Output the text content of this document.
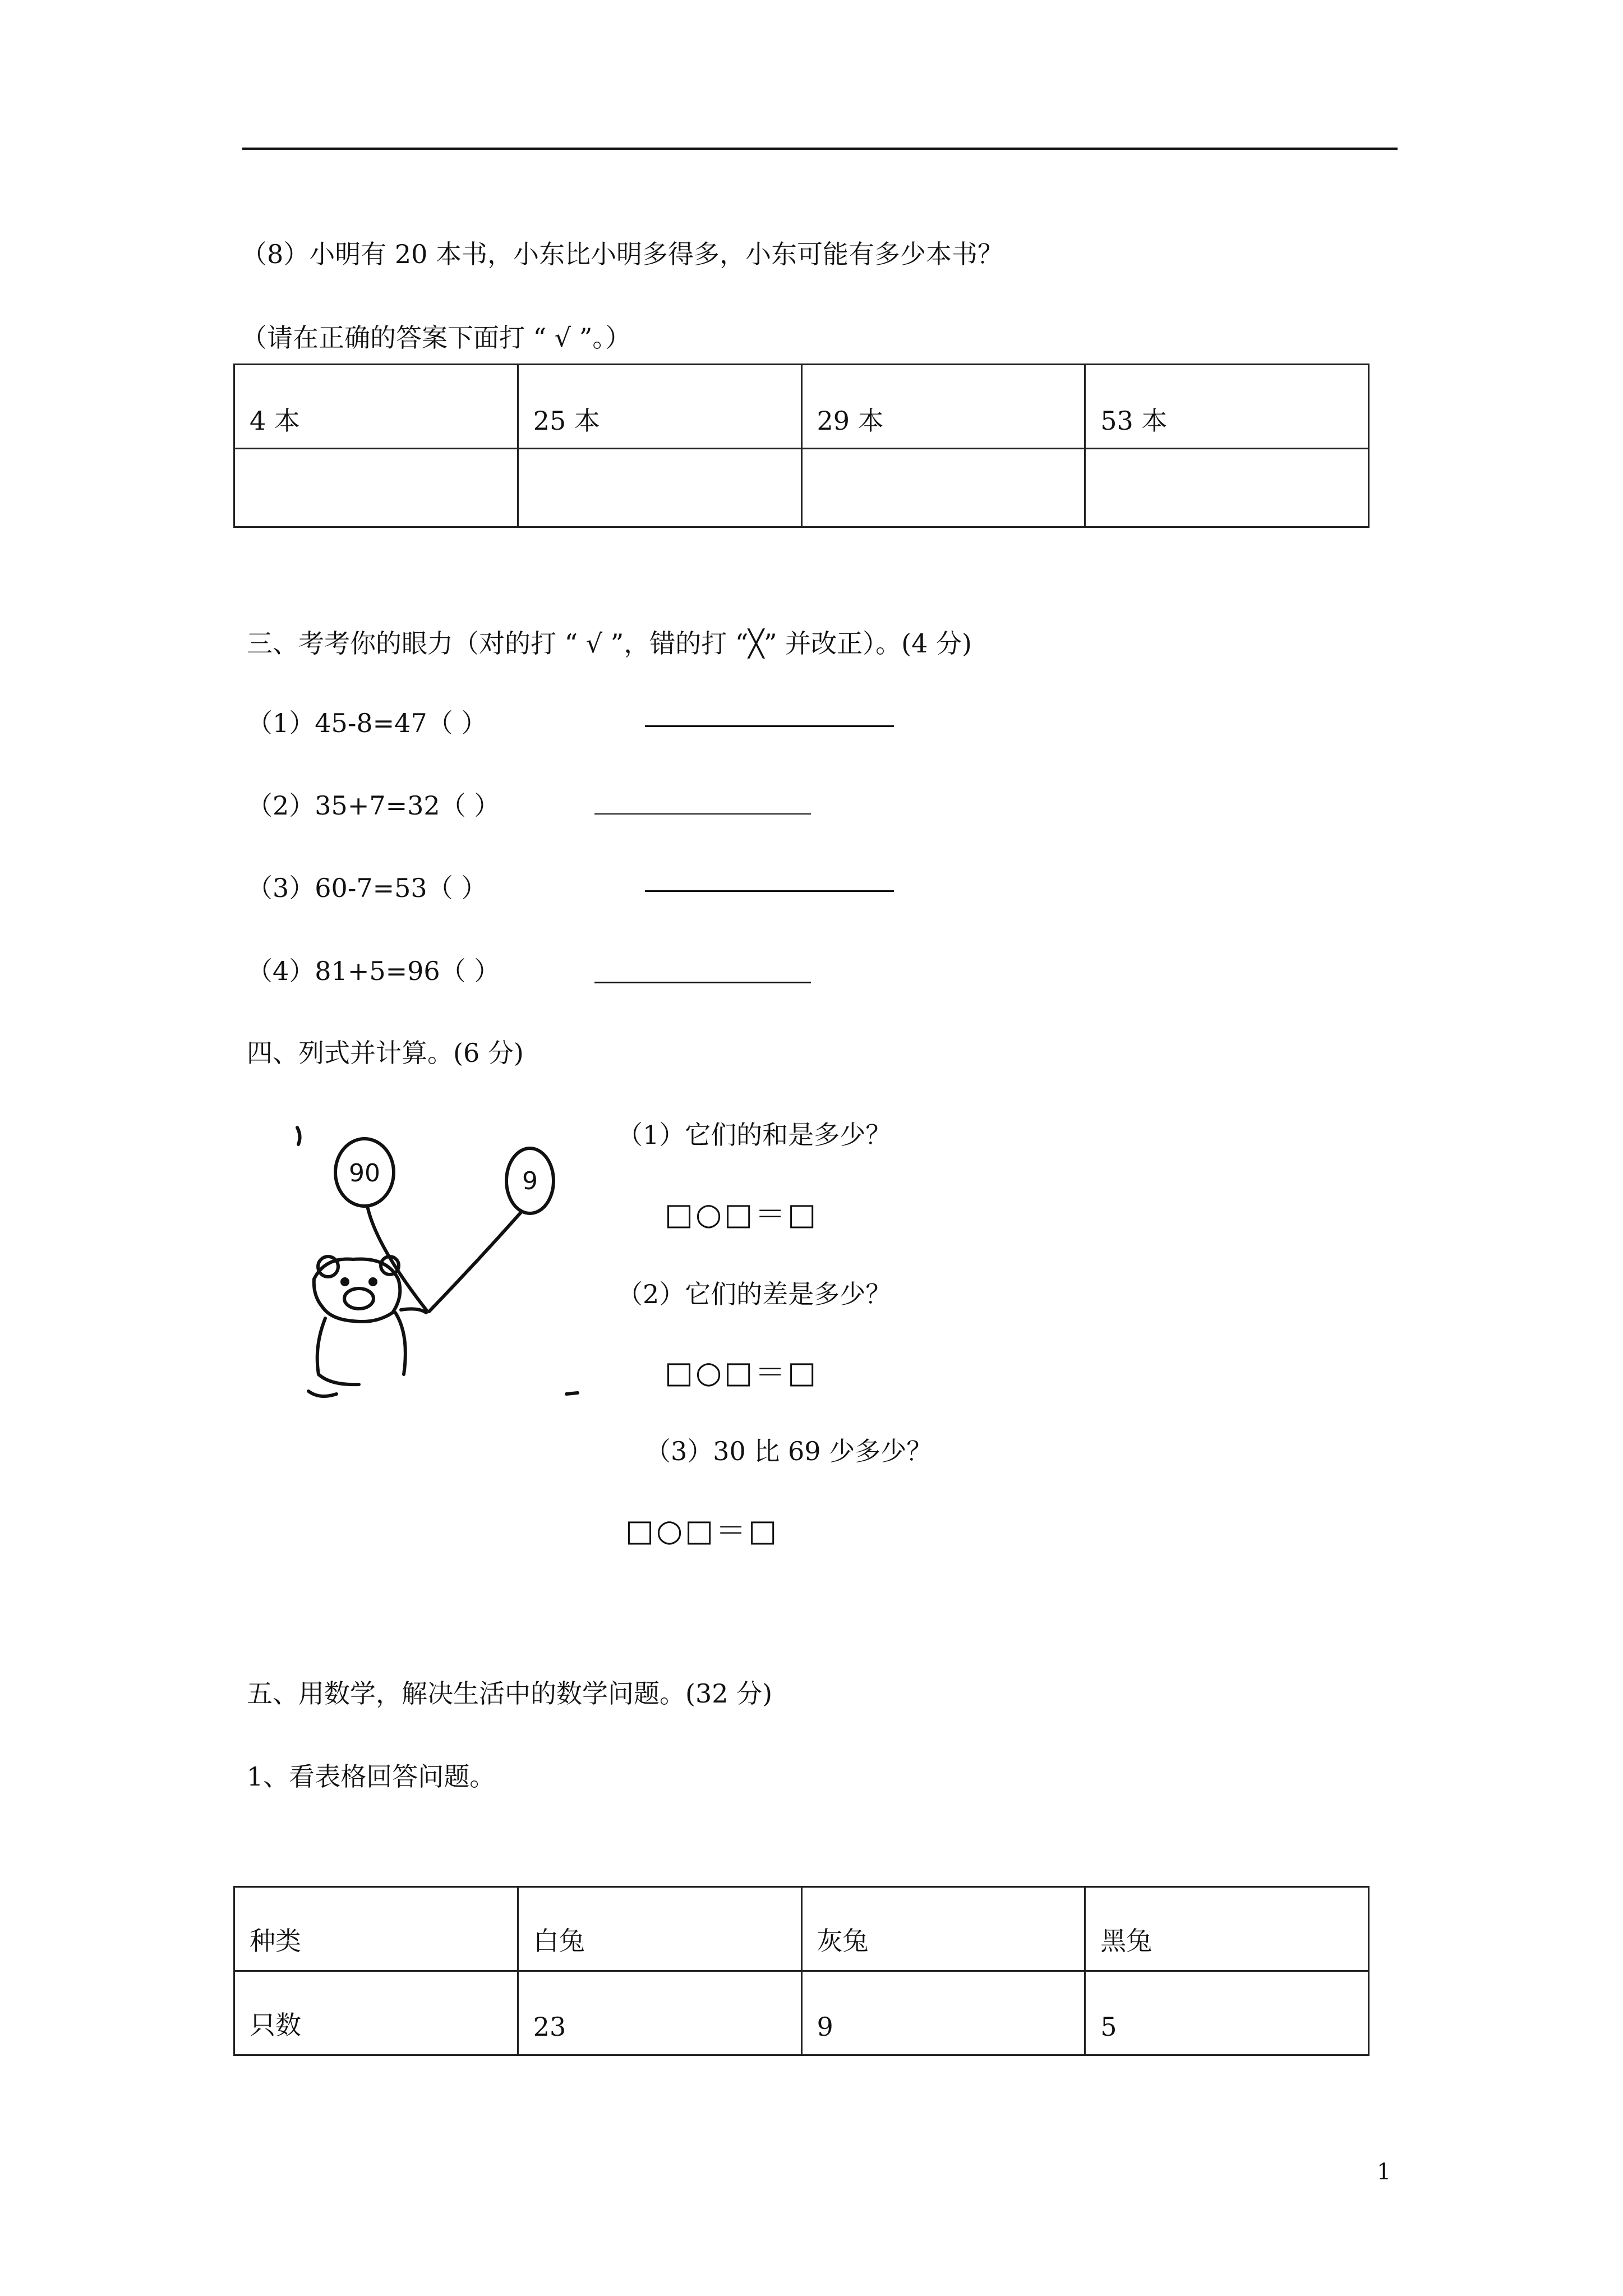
（8）小明有 20 本书，小东比小明多得多，小东可能有多少本书？
（请在正确的答案下面打 “ √ ”。）
4 本	25 本	29 本	53 本

三、考考你的眼力（对的打 “ √ ”，错的打 “╳” 并改正）。(4 分)
（1）45-8=47（ ）
（2）35+7=32（ ）
（3）60-7=53（ ）
（4）81+5=96（ ）
四、列式并计算。(6 分)
90	9
（1）它们的和是多少？
□○□＝□
（2）它们的差是多少？
□○□＝□
（3）30 比 69 少多少？
□○□＝□
五、用数学，解决生活中的数学问题。(32 分)
1、看表格回答问题。
种类	白兔	灰兔	黑兔
只数	23	9	5
1
